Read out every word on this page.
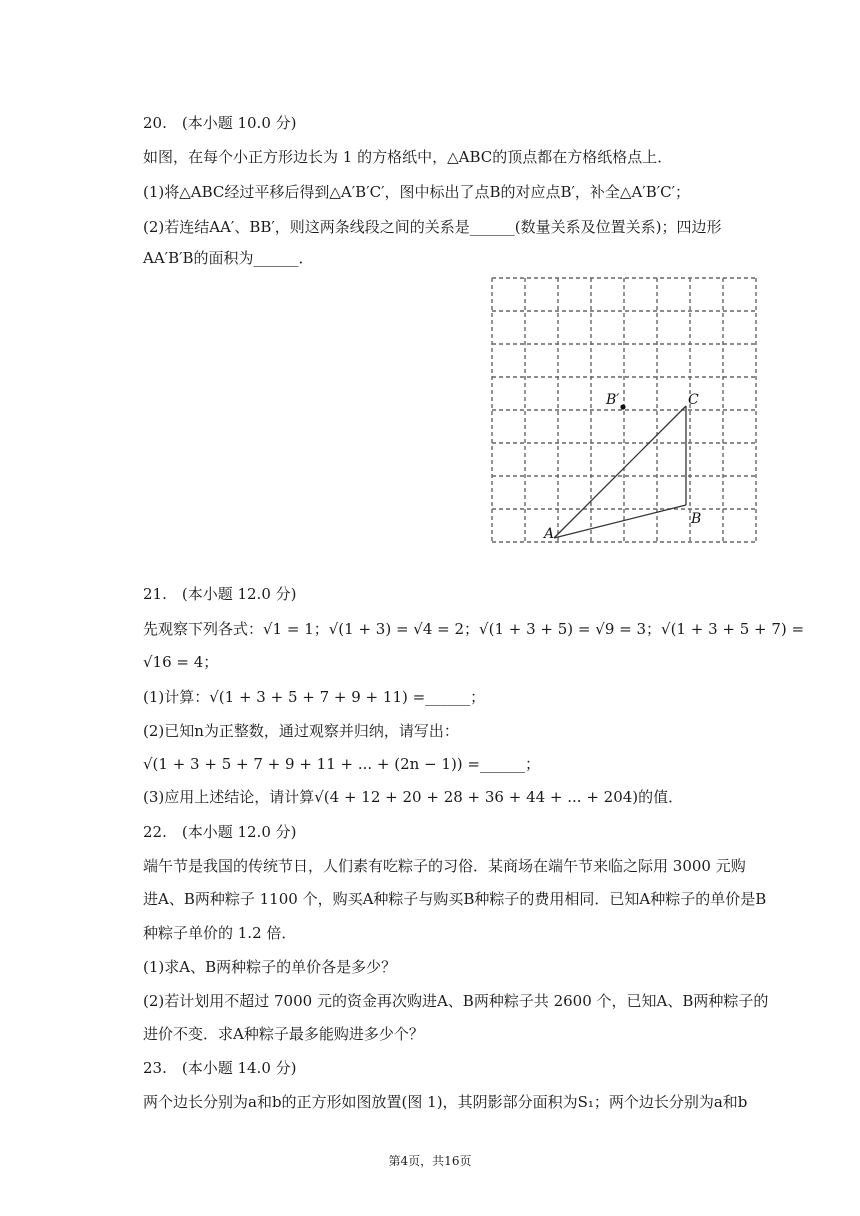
20.　(本小题 10.0 分)
如图，在每个小正方形边长为 1 的方格纸中，△ABC的顶点都在方格纸格点上．
(1)将△ABC经过平移后得到△A′B′C′，图中标出了点B的对应点B′，补全△A′B′C′；
(2)若连结AA′、BB′，则这两条线段之间的关系是______(数量关系及位置关系)；四边形
AA′B′B的面积为______．
B′	C
B
A
21.　(本小题 12.0 分)
先观察下列各式：√1 = 1；√(1 + 3) = √4 = 2；√(1 + 3 + 5) = √9 = 3；√(1 + 3 + 5 + 7) =
√16 = 4；
(1)计算：√(1 + 3 + 5 + 7 + 9 + 11) =______；
(2)已知n为正整数，通过观察并归纳，请写出：
√(1 + 3 + 5 + 7 + 9 + 11 + ... + (2n − 1)) =______；
(3)应用上述结论，请计算√(4 + 12 + 20 + 28 + 36 + 44 + ... + 204)的值．
22.　(本小题 12.0 分)
端午节是我国的传统节日，人们素有吃粽子的习俗．某商场在端午节来临之际用 3000 元购
进A、B两种粽子 1100 个，购买A种粽子与购买B种粽子的费用相同．已知A种粽子的单价是B
种粽子单价的 1.2 倍．
(1)求A、B两种粽子的单价各是多少？
(2)若计划用不超过 7000 元的资金再次购进A、B两种粽子共 2600 个，已知A、B两种粽子的
进价不变．求A种粽子最多能购进多少个？
23.　(本小题 14.0 分)
两个边长分别为a和b的正方形如图放置(图 1)，其阴影部分面积为S₁；两个边长分别为a和b
第4页，共16页
